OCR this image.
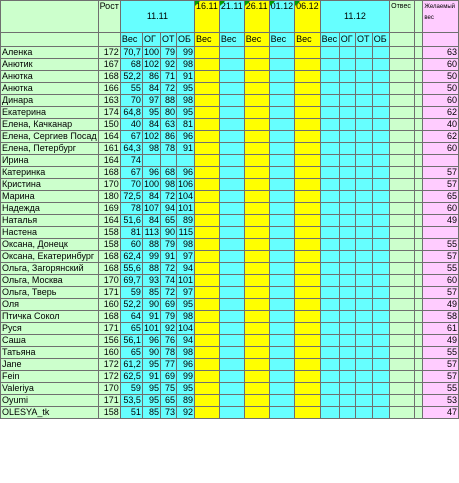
	Рост	11.11				16.11	21.11	26.11	01.12	06.12	11.12				Отвес		Желаемый вес
		Вес	ОГ	ОТ	ОБ	Вес	Вес	Вес	Вес	Вес	Вес	ОГ	ОТ	ОБ			
Аленка	172	70,7	100	79	99												63
Анютик	167	68	102	92	98												60
Анютка	168	52,2	86	71	91												50
Анютка	166	55	84	72	95												50
Динара	163	70	97	88	98												60
Екатерина	174	64,8	95	80	95												62
Елена, Качканар	150	40	84	63	81												40
Елена, Сергиев Посад	164	67	102	86	96												62
Елена, Петербург	161	64,3	98	78	91												60
Ирина	164	74															
Катеринка	168	67	96	68	96												57
Кристина	170	70	100	98	106												57
Марина	180	72,5	84	72	104												65
Надежда	169	78	107	94	101												60
Наталья	164	51,6	84	65	89												49
Настена	158	81	113	90	115												
Оксана, Донецк	158	60	88	79	98												55
Оксана, Екатеринбург	168	62,4	99	91	97												57
Ольга, Загорянский	168	55,6	88	72	94												55
Ольга, Москва	170	69,7	93	74	101												60
Ольга, Тверь	171	59	85	72	97												57
Оля	160	52,2	90	69	95												49
Птичка Сокол	168	64	91	79	98												58
Руся	171	65	101	92	104												61
Саша	156	56,1	96	76	94												49
Татьяна	160	65	90	78	98												55
Jane	172	61,2	95	77	96												57
Fein	172	62,5	91	69	99												57
Valeriya	170	59	95	75	95												55
Oyumi	171	53,5	95	65	89												53
OLESYA_tk	158	51	85	73	92												47
